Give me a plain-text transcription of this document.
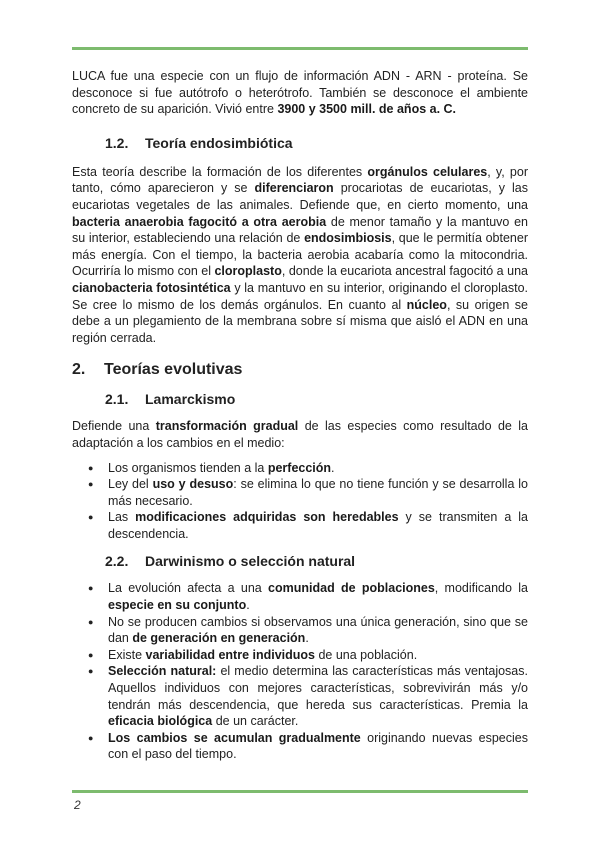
LUCA fue una especie con un flujo de información ADN - ARN - proteína. Se desconoce si fue autótrofo o heterótrofo. También se desconoce el ambiente concreto de su aparición. Vivió entre 3900 y 3500 mill. de años a. C.

1.2. Teoría endosimbiótica

Esta teoría describe la formación de los diferentes orgánulos celulares, y, por tanto, cómo aparecieron y se diferenciaron procariotas de eucariotas, y las eucariotas vegetales de las animales. Defiende que, en cierto momento, una bacteria anaerobia fagocitó a otra aerobia de menor tamaño y la mantuvo en su interior, estableciendo una relación de endosimbiosis, que le permitía obtener más energía. Con el tiempo, la bacteria aerobia acabaría como la mitocondria. Ocurriría lo mismo con el cloroplasto, donde la eucariota ancestral fagocitó a una cianobacteria fotosintética y la mantuvo en su interior, originando el cloroplasto. Se cree lo mismo de los demás orgánulos. En cuanto al núcleo, su origen se debe a un plegamiento de la membrana sobre sí misma que aisló el ADN en una región cerrada.

2. Teorías evolutivas
2.1. Lamarckismo

Defiende una transformación gradual de las especies como resultado de la adaptación a los cambios en el medio:

● Los organismos tienden a la perfección.
● Ley del uso y desuso: se elimina lo que no tiene función y se desarrolla lo más necesario.
● Las modificaciones adquiridas son heredables y se transmiten a la descendencia.
2.2. Darwinismo o selección natural
● La evolución afecta a una comunidad de poblaciones, modificando la especie en su conjunto.
● No se producen cambios si observamos una única generación, sino que se dan de generación en generación.
● Existe variabilidad entre individuos de una población.
● Selección natural: el medio determina las características más ventajosas. Aquellos individuos con mejores características, sobrevivirán más y/o tendrán más descendencia, que hereda sus características. Premia la eficacia biológica de un carácter.
● Los cambios se acumulan gradualmente originando nuevas especies con el paso del tiempo.
2
